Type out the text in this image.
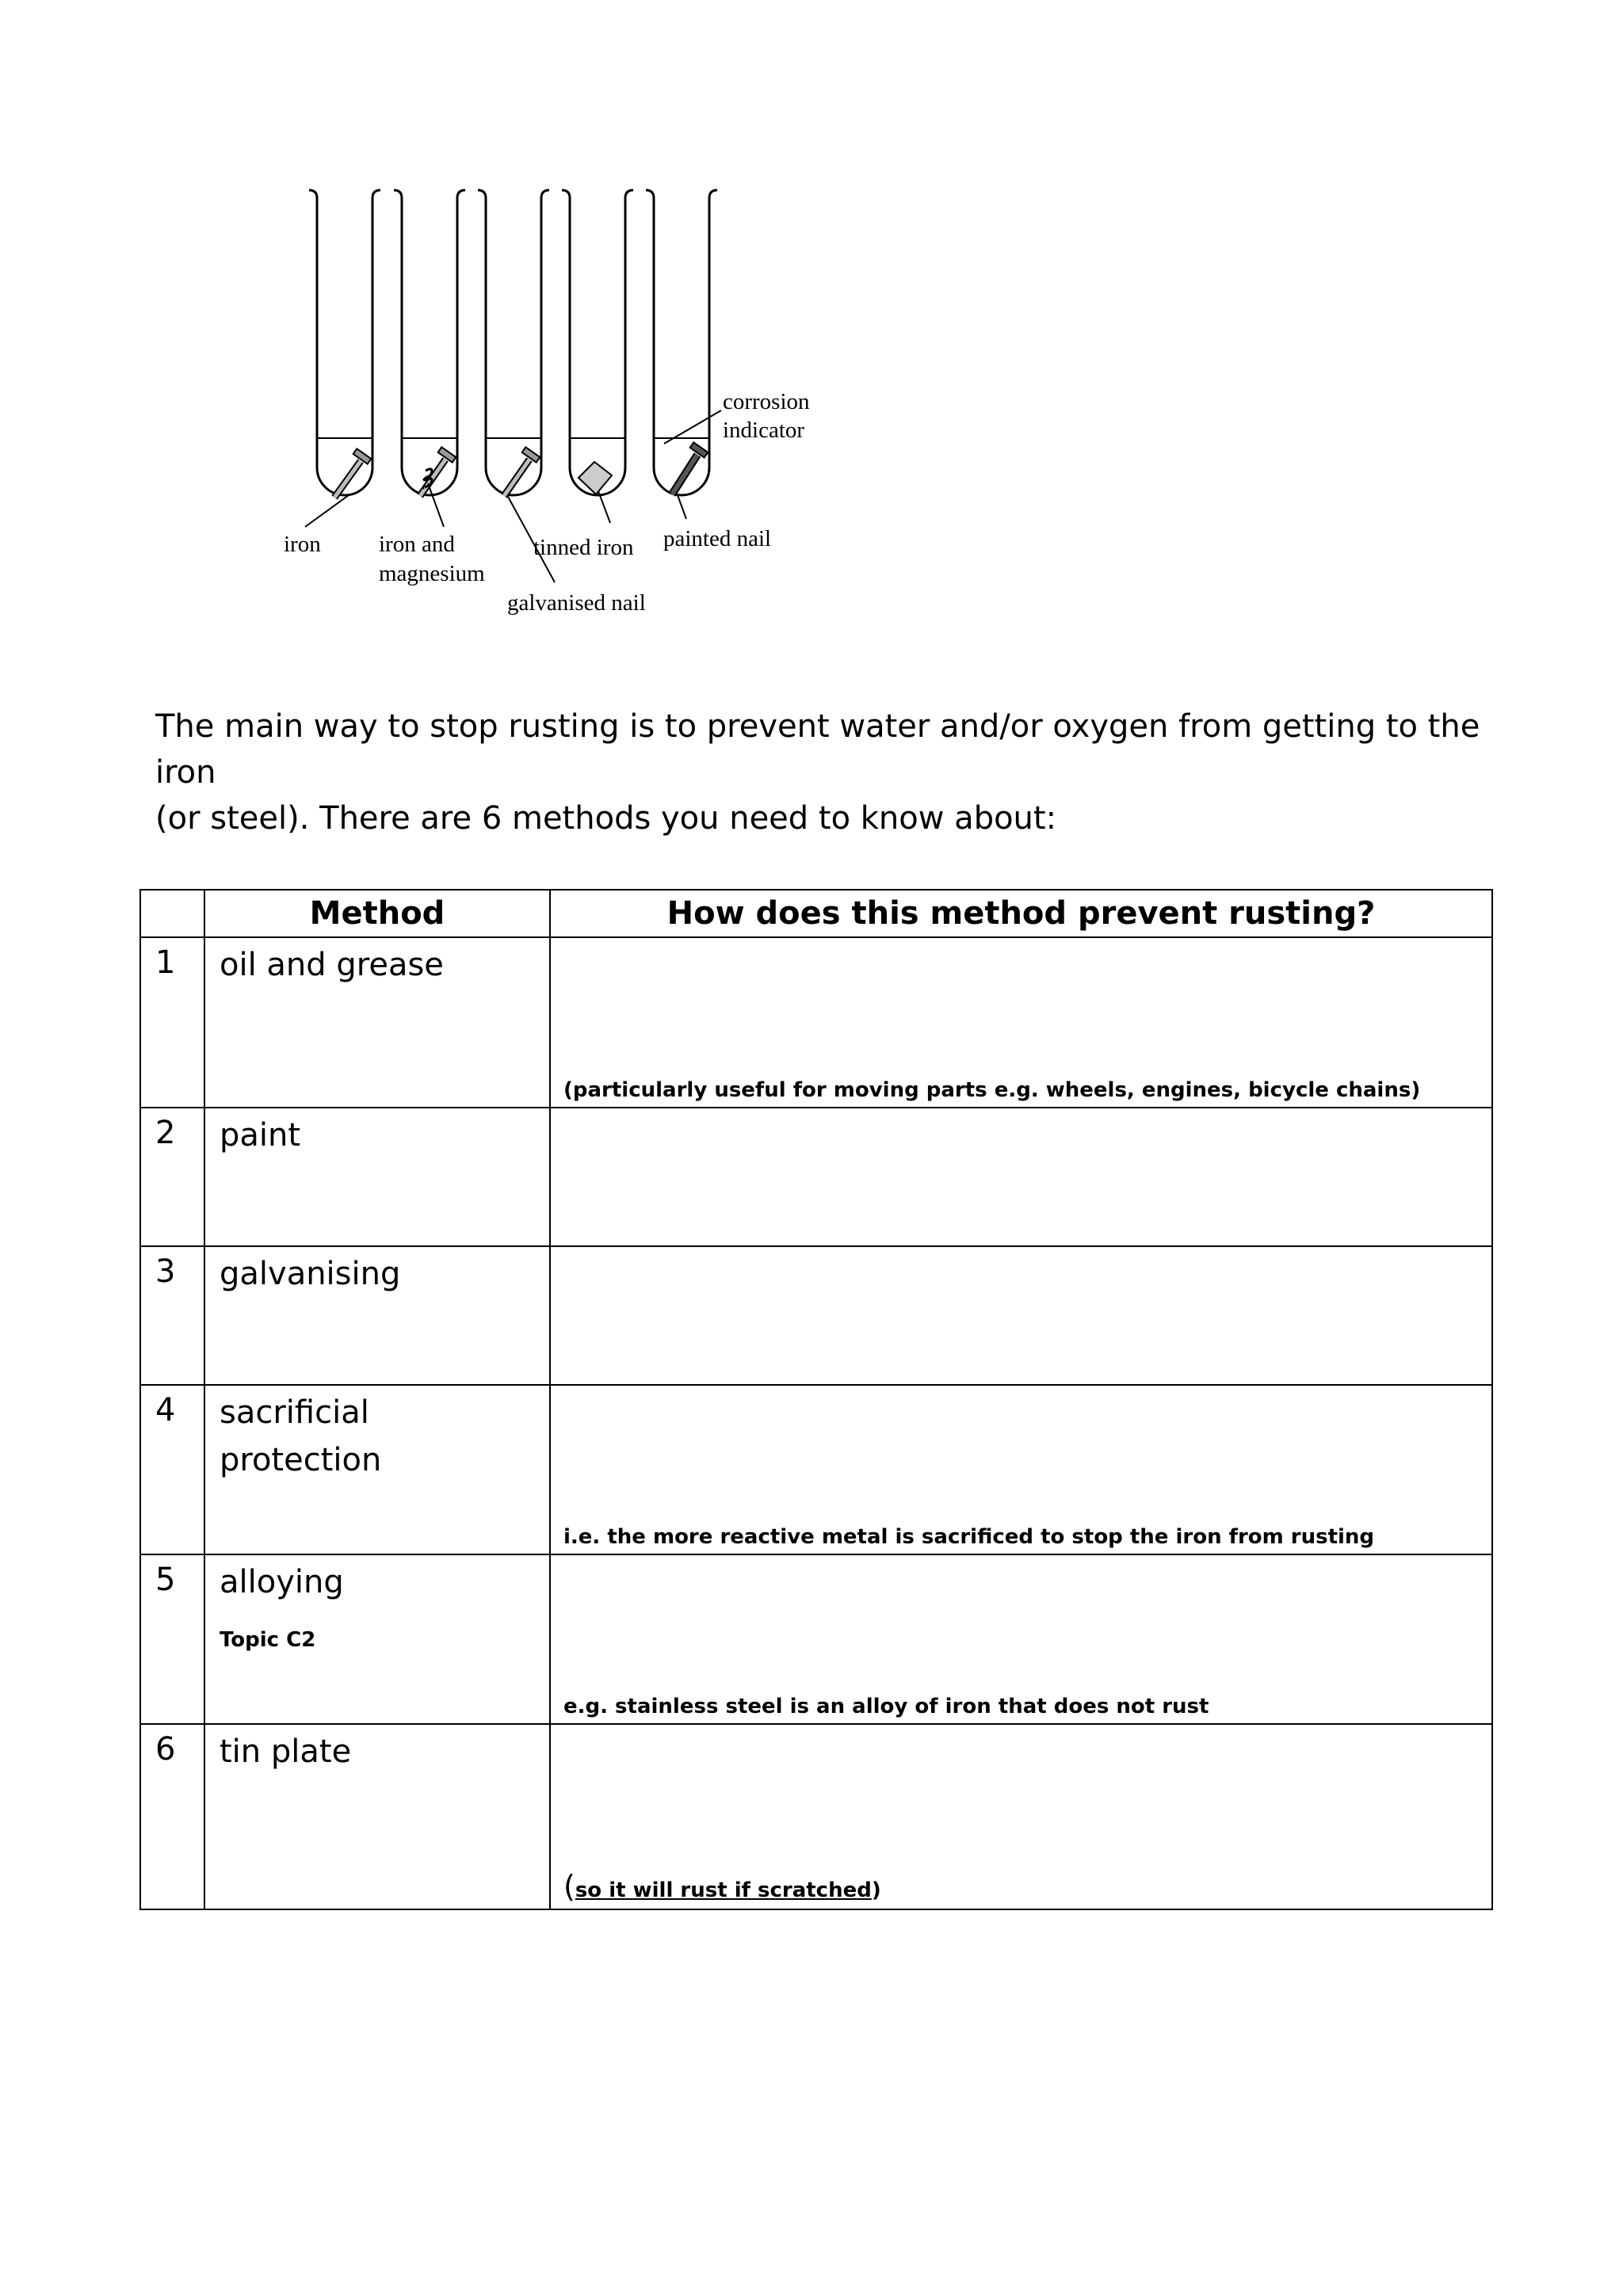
iron	iron and
magnesium
galvanised nail
tinned iron painted nail
corrosion
indicator

The main way to stop rusting is to prevent water and/or oxygen from getting to the iron

(or steel). There are 6 methods you need to know about:

	Method	How does this method prevent rusting?
1	oil and grease	(particularly useful for moving parts e.g. wheels, engines, bicycle chains)

2	paint	
3	galvanising	
4	sacrificial
protection	i.e. the more reactive metal is sacrificed to stop the iron from rusting

5	alloying
Topic C2	e.g. stainless steel is an alloy of iron that does not rust

6	tin plate	(so it will rust if scratched)
